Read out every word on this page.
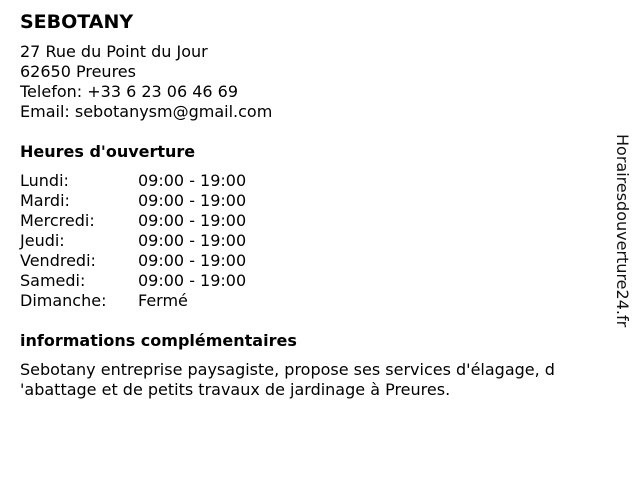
SEBOTANY
27 Rue du Point du Jour
62650 Preures
Telefon: +33 6 23 06 46 69
Email: sebotanysm@gmail.com
Heures d'ouverture
Lundi:	09:00 - 19:00
Mardi:	09:00 - 19:00
Mercredi:	09:00 - 19:00
Jeudi:	09:00 - 19:00
Vendredi:	09:00 - 19:00
Samedi:	09:00 - 19:00
Dimanche:	Fermé
informations complémentaires
Sebotany entreprise paysagiste, propose ses services d'élagage, d 'abattage et de petits travaux de jardinage à Preures.
Horairesdouverture24.fr
